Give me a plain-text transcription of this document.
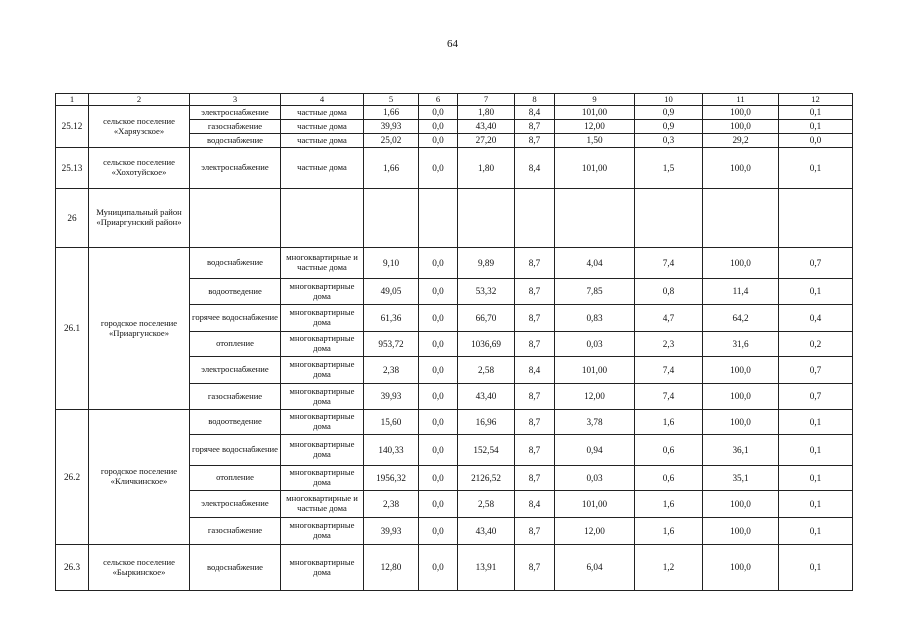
64
1	2	3	4	5	6	7	8	9	10	11	12
25.12	сельское поселение «Харяузское»	электроснабжение	частные дома	1,66	0,0	1,80	8,4	101,00	0,9	100,0	0,1
		газоснабжение	частные дома	39,93	0,0	43,40	8,7	12,00	0,9	100,0	0,1
		водоснабжение	частные дома	25,02	0,0	27,20	8,7	1,50	0,3	29,2	0,0
25.13	сельское поселение «Хохотуйское»	электроснабжение	частные дома	1,66	0,0	1,80	8,4	101,00	1,5	100,0	0,1
26	Муниципальный район «Приаргунский район»										
26.1	городское поселение «Приаргунское»	водоснабжение	многоквартирные и частные дома	9,10	0,0	9,89	8,7	4,04	7,4	100,0	0,7
		водоотведение	многоквартирные дома	49,05	0,0	53,32	8,7	7,85	0,8	11,4	0,1
		горячее водоснабжение	многоквартирные дома	61,36	0,0	66,70	8,7	0,83	4,7	64,2	0,4
		отопление	многоквартирные дома	953,72	0,0	1036,69	8,7	0,03	2,3	31,6	0,2
		электроснабжение	многоквартирные дома	2,38	0,0	2,58	8,4	101,00	7,4	100,0	0,7
		газоснабжение	многоквартирные дома	39,93	0,0	43,40	8,7	12,00	7,4	100,0	0,7
26.2	городское поселение «Кличкинское»	водоотведение	многоквартирные дома	15,60	0,0	16,96	8,7	3,78	1,6	100,0	0,1
		горячее водоснабжение	многоквартирные дома	140,33	0,0	152,54	8,7	0,94	0,6	36,1	0,1
		отопление	многоквартирные дома	1956,32	0,0	2126,52	8,7	0,03	0,6	35,1	0,1
		электроснабжение	многоквартирные и частные дома	2,38	0,0	2,58	8,4	101,00	1,6	100,0	0,1
		газоснабжение	многоквартирные дома	39,93	0,0	43,40	8,7	12,00	1,6	100,0	0,1
26.3	сельское поселение «Быркинское»	водоснабжение	многоквартирные дома	12,80	0,0	13,91	8,7	6,04	1,2	100,0	0,1
